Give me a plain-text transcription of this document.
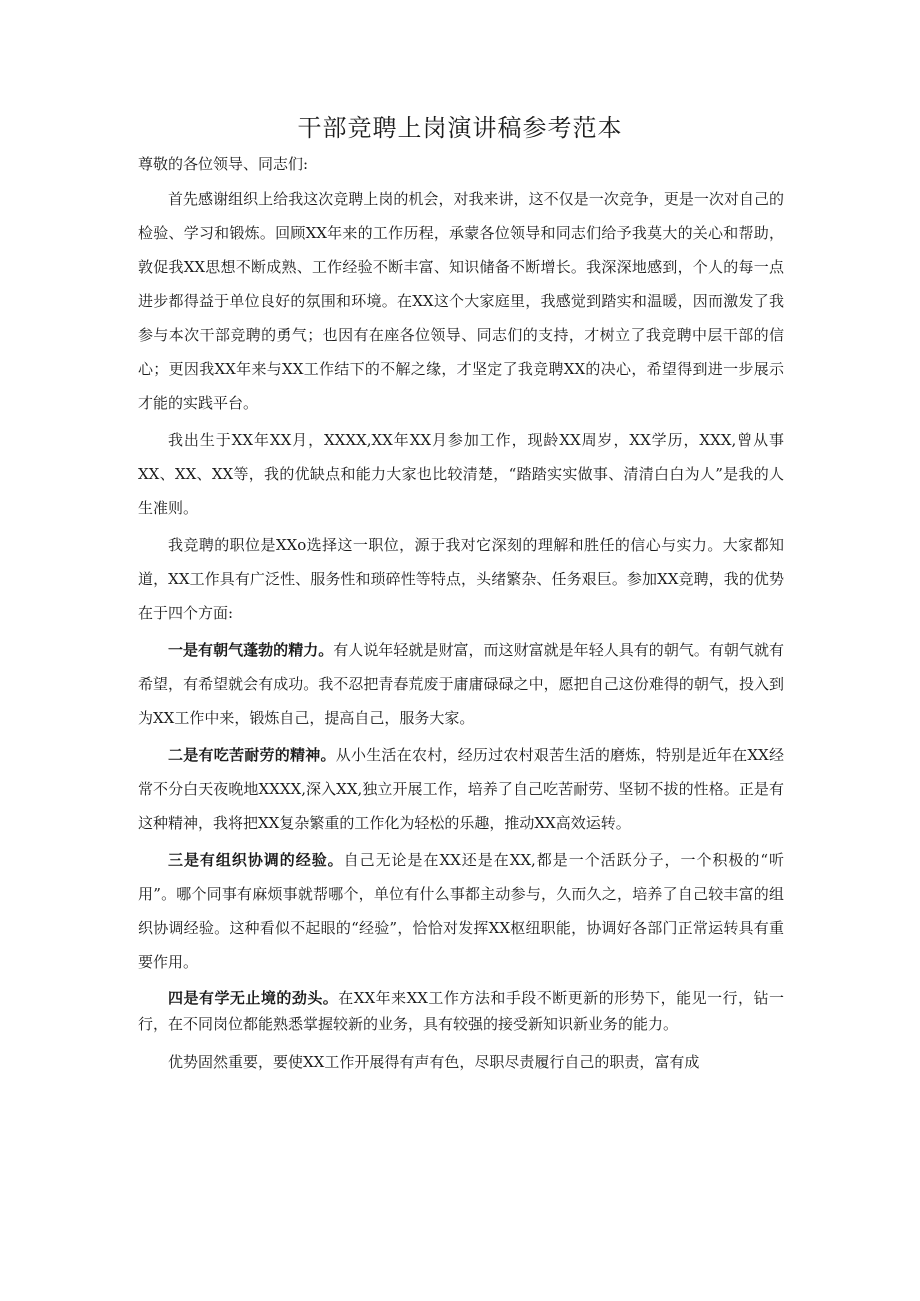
干部竞聘上岗演讲稿参考范本
尊敬的各位领导、同志们:

首先感谢组织上给我这次竞聘上岗的机会，对我来讲，这不仅是一次竞争，更是一次对自己的检验、学习和锻炼。回顾XX年来的工作历程，承蒙各位领导和同志们给予我莫大的关心和帮助，敦促我XX思想不断成熟、工作经验不断丰富、知识储备不断增长。我深深地感到，个人的每一点进步都得益于单位良好的氛围和环境。在XX这个大家庭里，我感觉到踏实和温暖，因而激发了我参与本次干部竞聘的勇气；也因有在座各位领导、同志们的支持，才树立了我竞聘中层干部的信心；更因我XX年来与XX工作结下的不解之缘，才坚定了我竞聘XX的决心，希望得到进一步展示才能的实践平台。

我出生于XX年XX月，XXXX,XX年XX月参加工作，现龄XX周岁，XX学历，XXX,曾从事XX、XX、XX等，我的优缺点和能力大家也比较清楚，“踏踏实实做事、清清白白为人”是我的人生准则。

我竞聘的职位是XXo选择这一职位，源于我对它深刻的理解和胜任的信心与实力。大家都知道，XX工作具有广泛性、服务性和琐碎性等特点，头绪繁杂、任务艰巨。参加XX竞聘，我的优势在于四个方面:

一是有朝气蓬勃的精力。有人说年轻就是财富，而这财富就是年轻人具有的朝气。有朝气就有希望，有希望就会有成功。我不忍把青春荒废于庸庸碌碌之中，愿把自己这份难得的朝气，投入到为XX工作中来，锻炼自己，提高自己，服务大家。

二是有吃苦耐劳的精神。从小生活在农村，经历过农村艰苦生活的磨炼，特别是近年在XX经常不分白天夜晚地XXXX,深入XX,独立开展工作，培养了自己吃苦耐劳、坚韧不拔的性格。正是有这种精神，我将把XX复杂繁重的工作化为轻松的乐趣，推动XX高效运转。

三是有组织协调的经验。自己无论是在XX还是在XX,都是一个活跃分子，一个积极的“听用”。哪个同事有麻烦事就帮哪个，单位有什么事都主动参与，久而久之，培养了自己较丰富的组织协调经验。这种看似不起眼的“经验”，恰恰对发挥XX枢纽职能，协调好各部门正常运转具有重要作用。

四是有学无止境的劲头。在XX年来XX工作方法和手段不断更新的形势下，能见一行，钻一行，在不同岗位都能熟悉掌握较新的业务，具有较强的接受新知识新业务的能力。

优势固然重要，要使XX工作开展得有声有色，尽职尽责履行自己的职责，富有成
